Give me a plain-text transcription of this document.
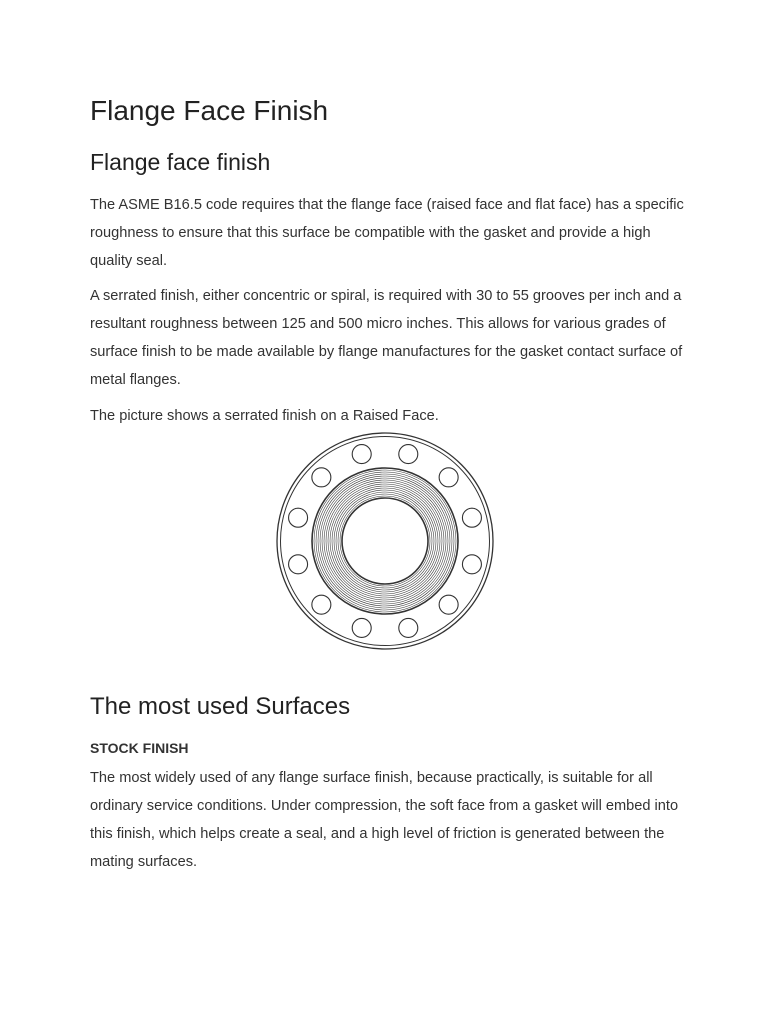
Flange Face Finish
Flange face finish

The ASME B16.5 code requires that the flange face (raised face and flat face) has a specific roughness to ensure that this surface be compatible with the gasket and provide a high quality seal.

A serrated finish, either concentric or spiral, is required with 30 to 55 grooves per inch and a resultant roughness between 125 and 500 micro inches. This allows for various grades of surface finish to be made available by flange manufactures for the gasket contact surface of metal flanges.

The picture shows a serrated finish on a Raised Face.

The most used Surfaces

STOCK FINISH

The most widely used of any flange surface finish, because practically, is suitable for all ordinary service conditions. Under compression, the soft face from a gasket will embed into this finish, which helps create a seal, and a high level of friction is generated between the mating surfaces.
